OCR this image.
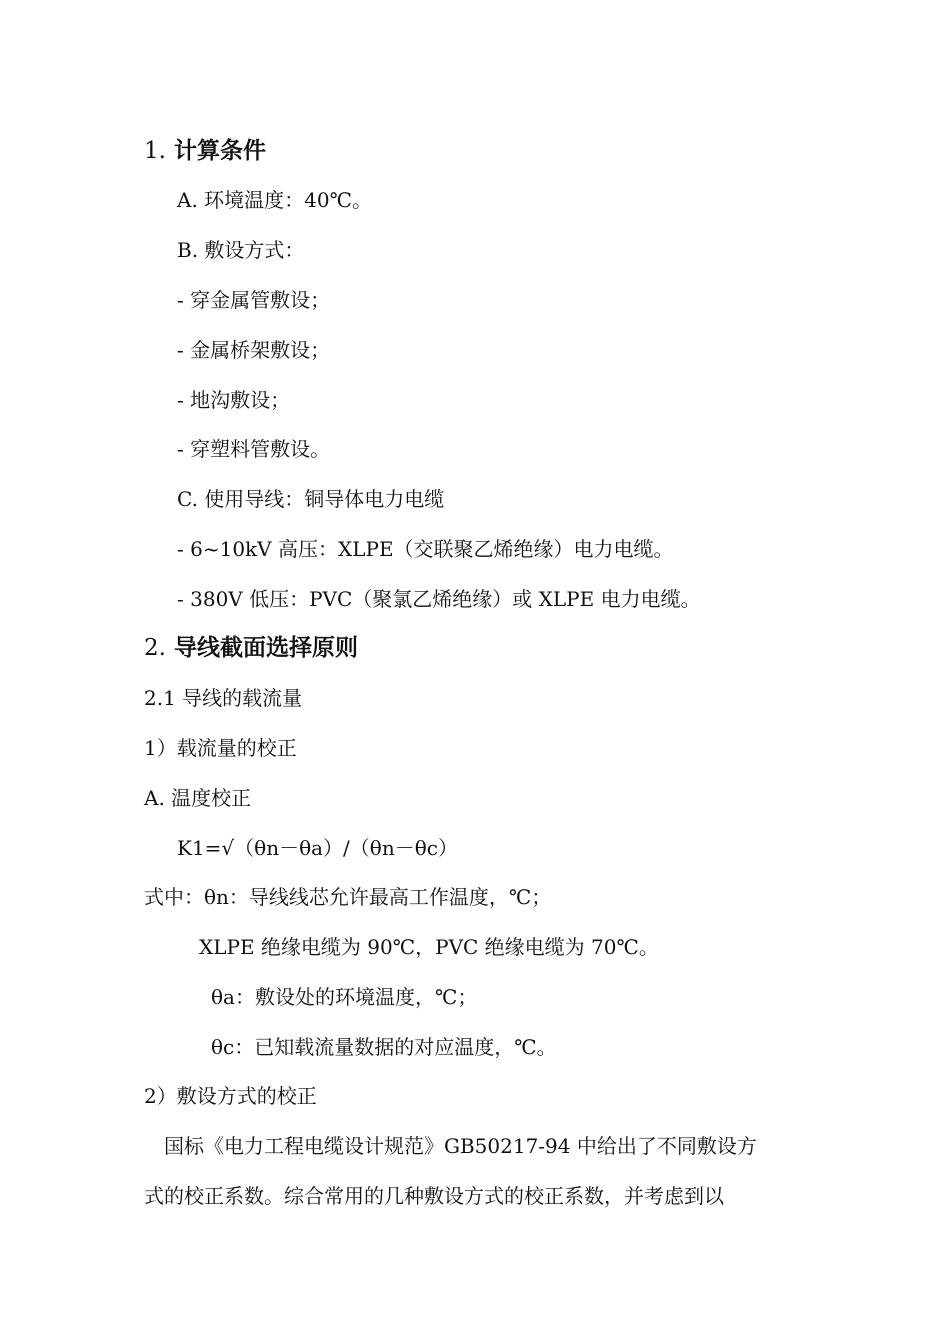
1. 计算条件
A. 环境温度：40℃。
B. 敷设方式：
- 穿金属管敷设；
- 金属桥架敷设；
- 地沟敷设；
- 穿塑料管敷设。
C. 使用导线：铜导体电力电缆
- 6~10kV 高压：XLPE（交联聚乙烯绝缘）电力电缆。
- 380V 低压：PVC（聚氯乙烯绝缘）或 XLPE 电力电缆。
2. 导线截面选择原则
2.1 导线的载流量
1）载流量的校正
A. 温度校正
K1=√（θn－θa）/（θn－θc）
式中：θn：导线线芯允许最高工作温度，℃；
XLPE 绝缘电缆为 90℃，PVC 绝缘电缆为 70℃。
θa：敷设处的环境温度，℃；
θc：已知载流量数据的对应温度，℃。
2）敷设方式的校正
国标《电力工程电缆设计规范》GB50217-94 中给出了不同敷设方
式的校正系数。综合常用的几种敷设方式的校正系数，并考虑到以
